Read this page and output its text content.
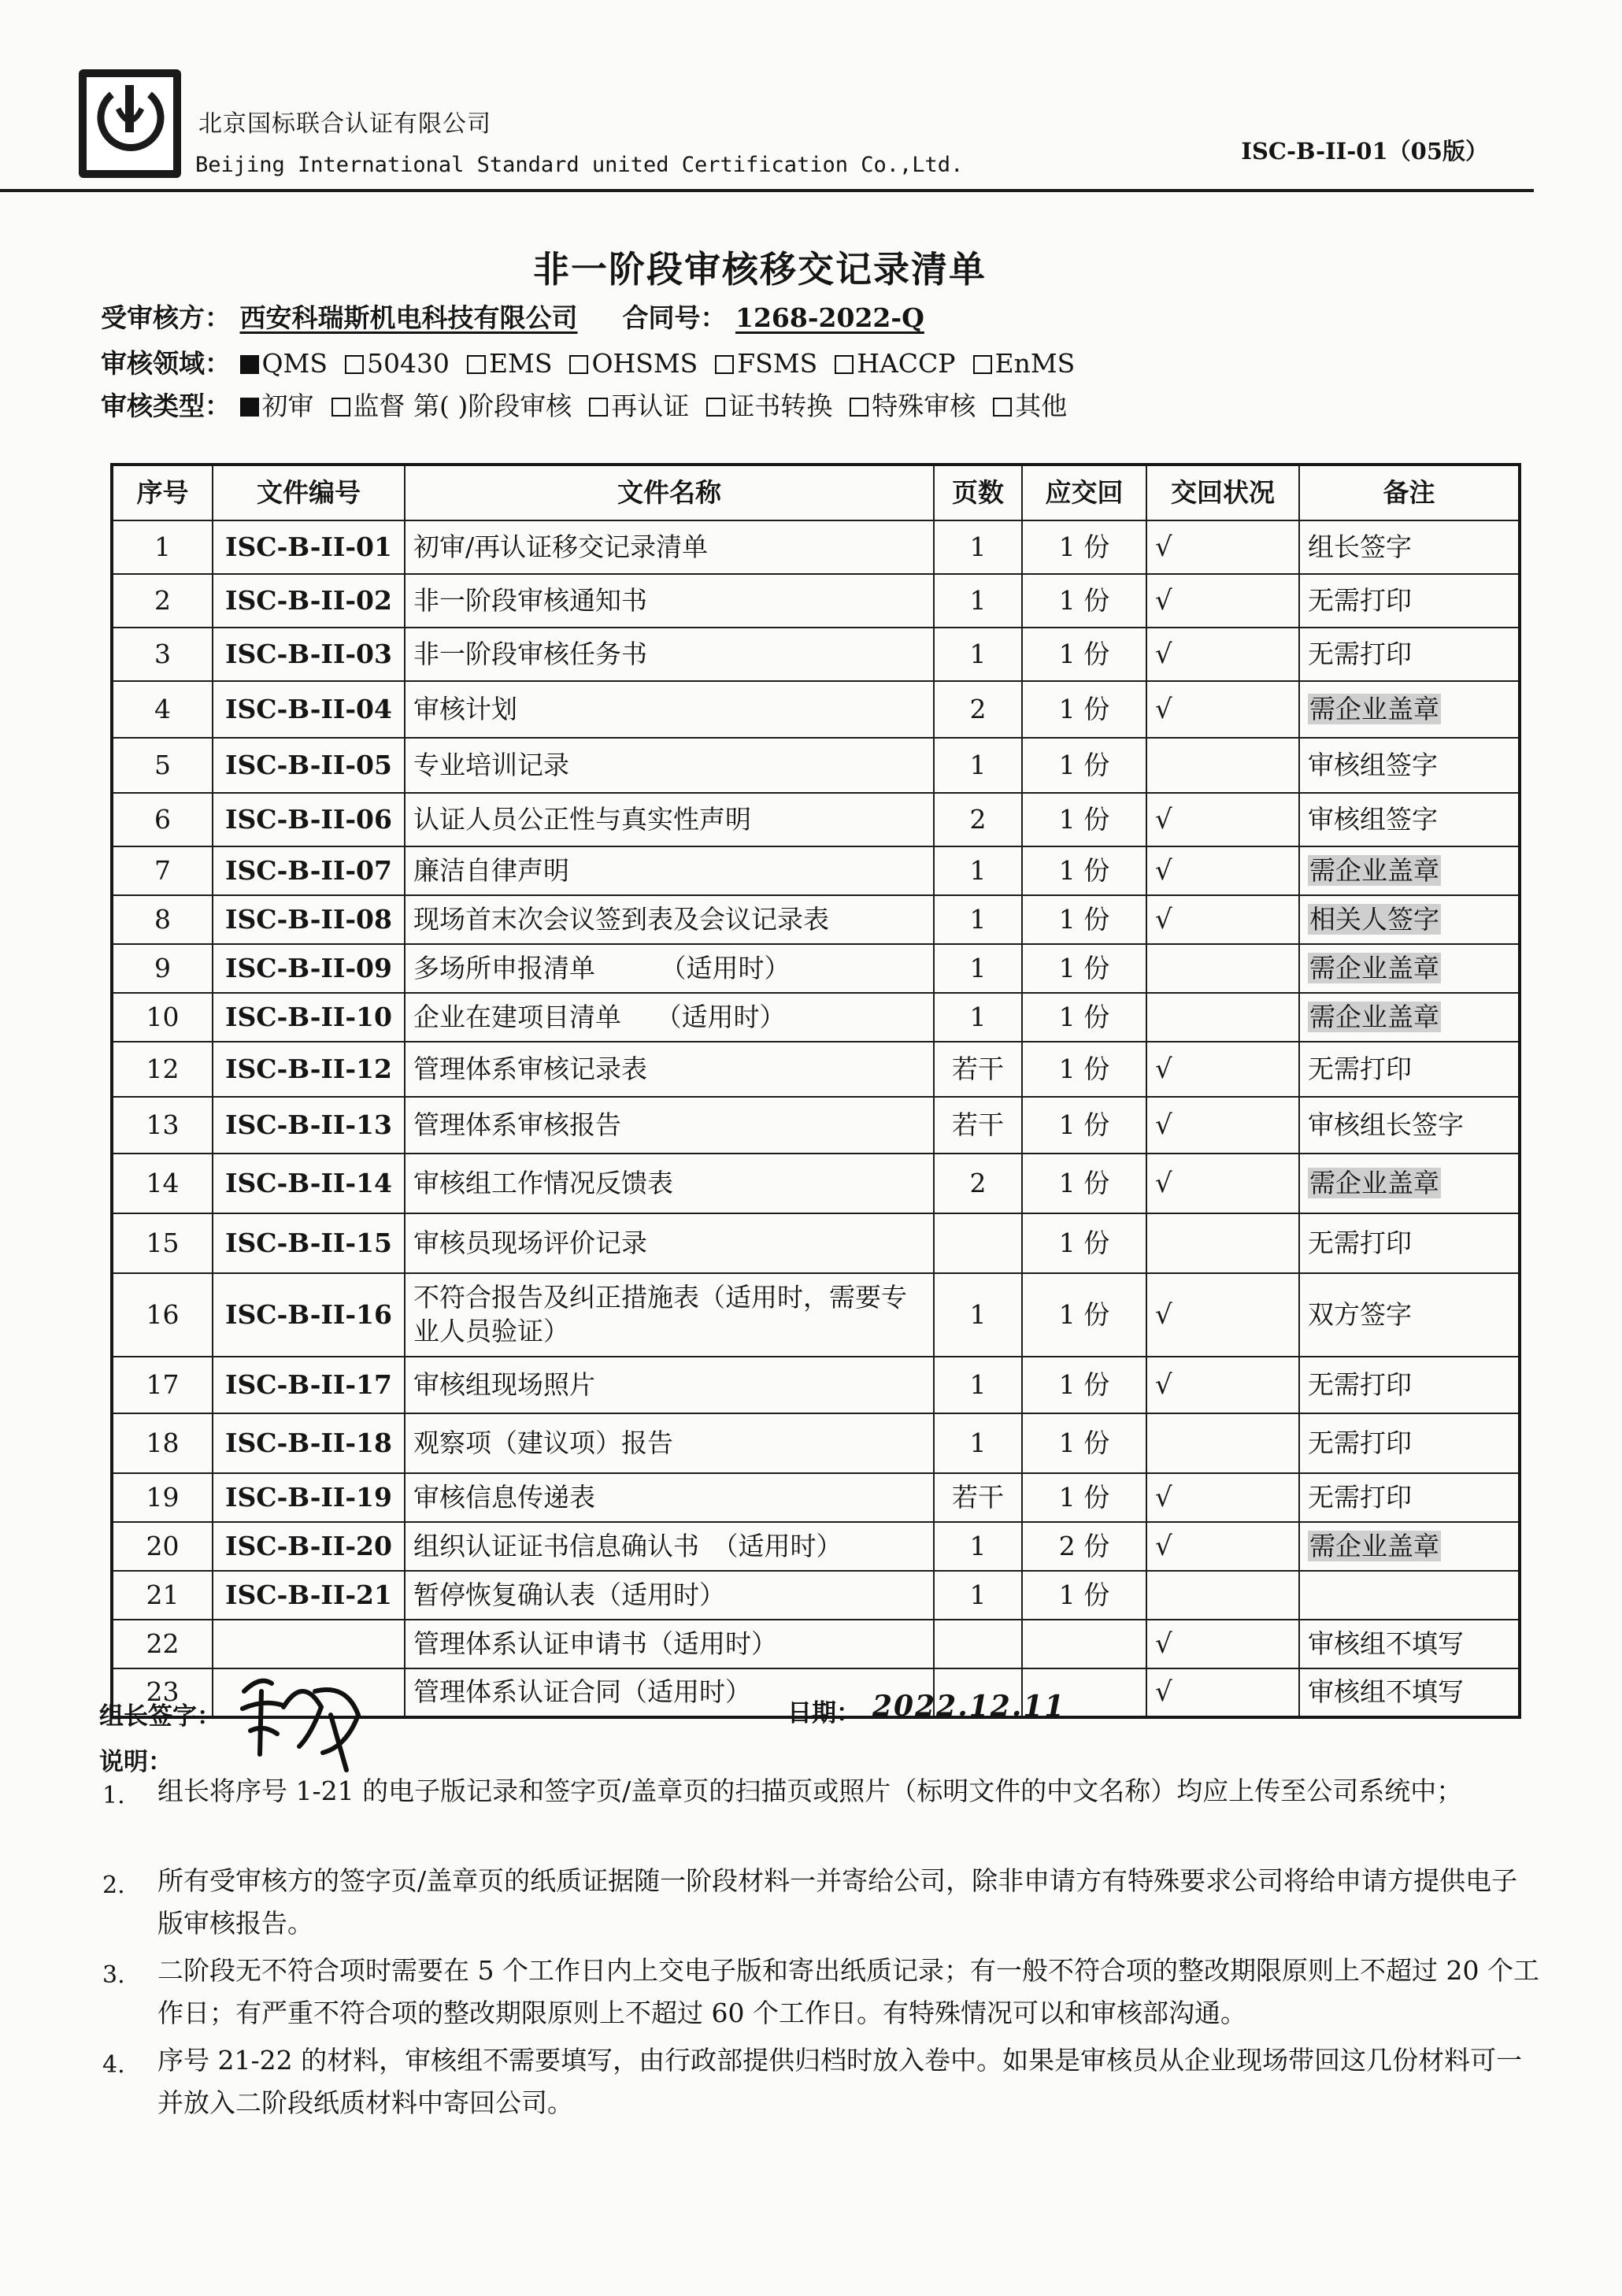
北京国标联合认证有限公司
Beijing International Standard united Certification Co.,Ltd.
ISC-B-II-01（05版）
非一阶段审核移交记录清单
受审核方： 西安科瑞斯机电科技有限公司 合同号： 1268-2022-Q
审核领域： QMS 50430 EMS OHSMS FSMS HACCP EnMS
审核类型： 初审 监督 第( )阶段审核 再认证 证书转换 特殊审核 其他
序号	文件编号	文件名称	页数	应交回	交回状况	备注
1	ISC-B-II-01	初审/再认证移交记录清单	1	1 份	√	组长签字
2	ISC-B-II-02	非一阶段审核通知书	1	1 份	√	无需打印
3	ISC-B-II-03	非一阶段审核任务书	1	1 份	√	无需打印
4	ISC-B-II-04	审核计划	2	1 份	√	需企业盖章
5	ISC-B-II-05	专业培训记录	1	1 份		审核组签字
6	ISC-B-II-06	认证人员公正性与真实性声明	2	1 份	√	审核组签字
7	ISC-B-II-07	廉洁自律声明	1	1 份	√	需企业盖章
8	ISC-B-II-08	现场首末次会议签到表及会议记录表	1	1 份	√	相关人签字
9	ISC-B-II-09	多场所申报清单　　　（适用时）	1	1 份		需企业盖章
10	ISC-B-II-10	企业在建项目清单　 （适用时）	1	1 份		需企业盖章
12	ISC-B-II-12	管理体系审核记录表	若干	1 份	√	无需打印
13	ISC-B-II-13	管理体系审核报告	若干	1 份	√	审核组长签字
14	ISC-B-II-14	审核组工作情况反馈表	2	1 份	√	需企业盖章
15	ISC-B-II-15	审核员现场评价记录		1 份		无需打印
16	ISC-B-II-16	不符合报告及纠正措施表（适用时，需要专业人员验证）	1	1 份	√	双方签字
17	ISC-B-II-17	审核组现场照片	1	1 份	√	无需打印
18	ISC-B-II-18	观察项（建议项）报告	1	1 份		无需打印
19	ISC-B-II-19	审核信息传递表	若干	1 份	√	无需打印
20	ISC-B-II-20	组织认证证书信息确认书　（适用时）	1	2 份	√	需企业盖章
21	ISC-B-II-21	暂停恢复确认表（适用时）	1	1 份		
22		管理体系认证申请书（适用时）			√	审核组不填写
23		管理体系认证合同（适用时）			√	审核组不填写
组长签字：	日期： 2022.12.11
说明：
1. 组长将序号 1-21 的电子版记录和签字页/盖章页的扫描页或照片（标明文件的中文名称）均应上传至公司系统中；
2. 所有受审核方的签字页/盖章页的纸质证据随一阶段材料一并寄给公司，除非申请方有特殊要求公司将给申请方提供电子版审核报告。
3. 二阶段无不符合项时需要在 5 个工作日内上交电子版和寄出纸质记录；有一般不符合项的整改期限原则上不超过 20 个工作日；有严重不符合项的整改期限原则上不超过 60 个工作日。有特殊情况可以和审核部沟通。
4. 序号 21-22 的材料，审核组不需要填写，由行政部提供归档时放入卷中。如果是审核员从企业现场带回这几份材料可一并放入二阶段纸质材料中寄回公司。
